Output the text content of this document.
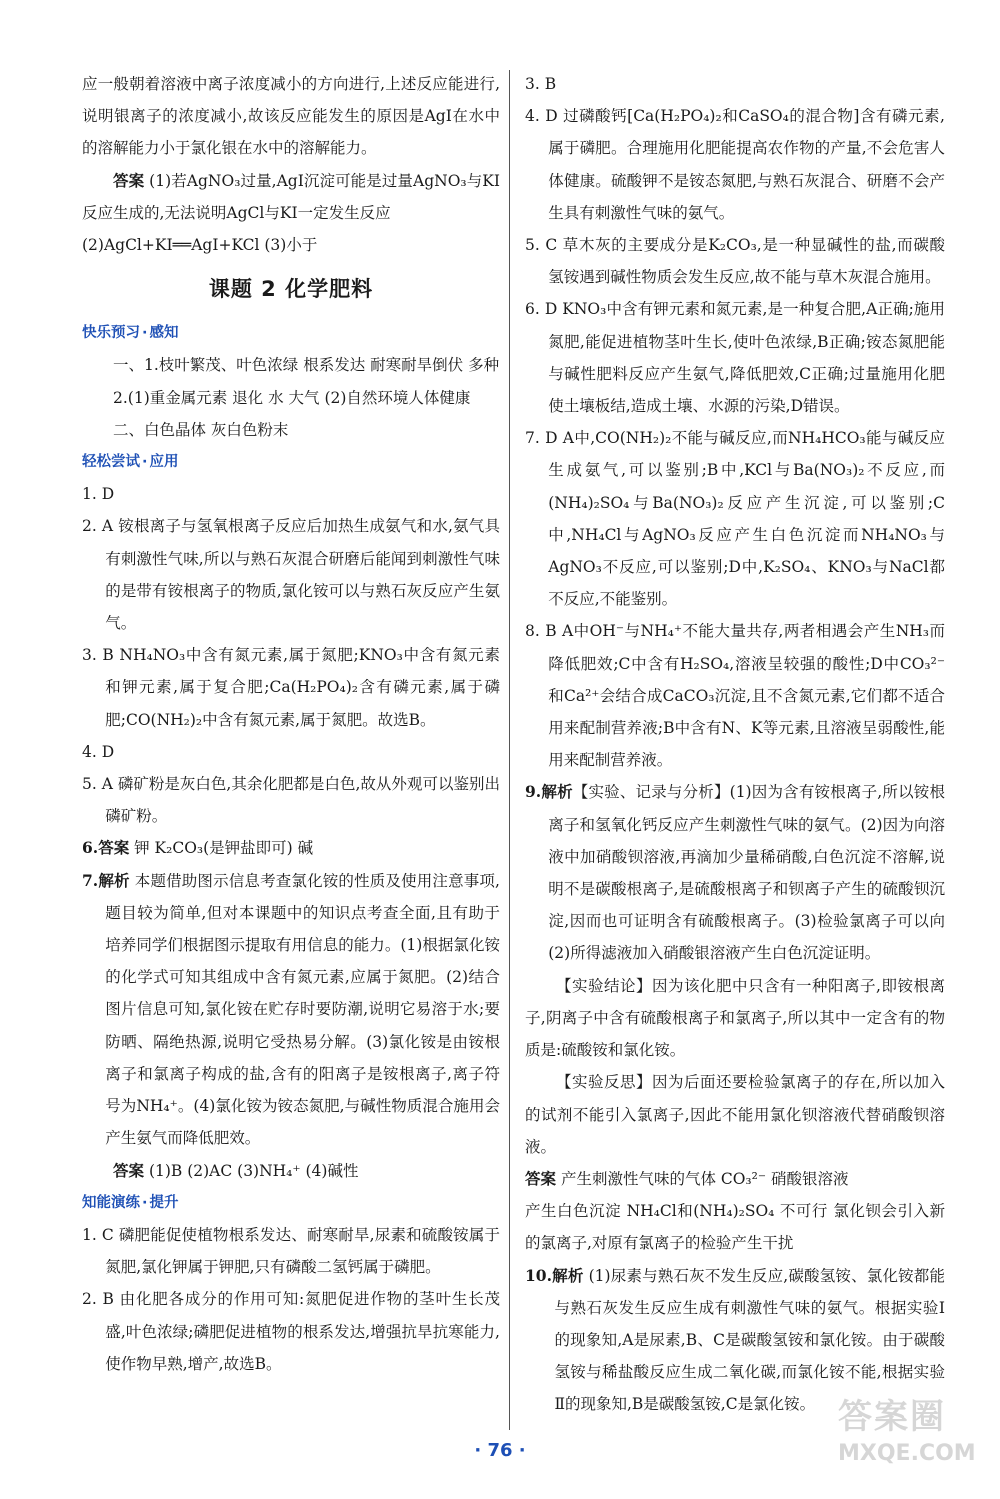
应一般朝着溶液中离子浓度减小的方向进行,上述反应能进行,说明银离子的浓度减小,故该反应能发生的原因是AgI在水中的溶解能力小于氯化银在水中的溶解能力。

答案 (1)若AgNO₃过量,AgI沉淀可能是过量AgNO₃与KI反应生成的,无法说明AgCl与KI一定发生反应

(2)AgCl+KI══AgI+KCl (3)小于

课题 2 化学肥料

快乐预习 · 感知

一、1.枝叶繁茂、叶色浓绿 根系发达 耐寒耐旱倒伏 多种

2.(1)重金属元素 退化 水 大气 (2)自然环境人体健康

二、白色晶体 灰白色粉末

轻松尝试 · 应用

1. D

2. A 铵根离子与氢氧根离子反应后加热生成氨气和水,氨气具有刺激性气味,所以与熟石灰混合研磨后能闻到刺激性气味的是带有铵根离子的物质,氯化铵可以与熟石灰反应产生氨气。

3. B NH₄NO₃中含有氮元素,属于氮肥;KNO₃中含有氮元素和钾元素,属于复合肥;Ca(H₂PO₄)₂含有磷元素,属于磷肥;CO(NH₂)₂中含有氮元素,属于氮肥。故选B。

4. D

5. A 磷矿粉是灰白色,其余化肥都是白色,故从外观可以鉴别出磷矿粉。

6.答案 钾 K₂CO₃(是钾盐即可) 碱

7.解析 本题借助图示信息考查氯化铵的性质及使用注意事项,题目较为简单,但对本课题中的知识点考查全面,且有助于培养同学们根据图示提取有用信息的能力。(1)根据氯化铵的化学式可知其组成中含有氮元素,应属于氮肥。(2)结合图片信息可知,氯化铵在贮存时要防潮,说明它易溶于水;要防晒、隔绝热源,说明它受热易分解。(3)氯化铵是由铵根离子和氯离子构成的盐,含有的阳离子是铵根离子,离子符号为NH₄⁺。(4)氯化铵为铵态氮肥,与碱性物质混合施用会产生氨气而降低肥效。

答案 (1)B (2)AC (3)NH₄⁺ (4)碱性

知能演练 · 提升

1. C 磷肥能促使植物根系发达、耐寒耐旱,尿素和硫酸铵属于氮肥,氯化钾属于钾肥,只有磷酸二氢钙属于磷肥。

2. B 由化肥各成分的作用可知:氮肥促进作物的茎叶生长茂盛,叶色浓绿;磷肥促进植物的根系发达,增强抗旱抗寒能力,使作物早熟,增产,故选B。

3. B

4. D 过磷酸钙[Ca(H₂PO₄)₂和CaSO₄的混合物]含有磷元素,属于磷肥。合理施用化肥能提高农作物的产量,不会危害人体健康。硫酸钾不是铵态氮肥,与熟石灰混合、研磨不会产生具有刺激性气味的氨气。

5. C 草木灰的主要成分是K₂CO₃,是一种显碱性的盐,而碳酸氢铵遇到碱性物质会发生反应,故不能与草木灰混合施用。

6. D KNO₃中含有钾元素和氮元素,是一种复合肥,A正确;施用氮肥,能促进植物茎叶生长,使叶色浓绿,B正确;铵态氮肥能与碱性肥料反应产生氨气,降低肥效,C正确;过量施用化肥使土壤板结,造成土壤、水源的污染,D错误。

7. D A中,CO(NH₂)₂不能与碱反应,而NH₄HCO₃能与碱反应生成氨气,可以鉴别;B中,KCl与Ba(NO₃)₂不反应,而(NH₄)₂SO₄与Ba(NO₃)₂反应产生沉淀,可以鉴别;C中,NH₄Cl与AgNO₃反应产生白色沉淀而NH₄NO₃与AgNO₃不反应,可以鉴别;D中,K₂SO₄、KNO₃与NaCl都不反应,不能鉴别。

8. B A中OH⁻与NH₄⁺不能大量共存,两者相遇会产生NH₃而降低肥效;C中含有H₂SO₄,溶液呈较强的酸性;D中CO₃²⁻和Ca²⁺会结合成CaCO₃沉淀,且不含氮元素,它们都不适合用来配制营养液;B中含有N、K等元素,且溶液呈弱酸性,能用来配制营养液。

9.解析【实验、记录与分析】(1)因为含有铵根离子,所以铵根离子和氢氧化钙反应产生刺激性气味的氨气。(2)因为向溶液中加硝酸钡溶液,再滴加少量稀硝酸,白色沉淀不溶解,说明不是碳酸根离子,是硫酸根离子和钡离子产生的硫酸钡沉淀,因而也可证明含有硫酸根离子。(3)检验氯离子可以向(2)所得滤液加入硝酸银溶液产生白色沉淀证明。

【实验结论】因为该化肥中只含有一种阳离子,即铵根离子,阴离子中含有硫酸根离子和氯离子,所以其中一定含有的物质是:硫酸铵和氯化铵。

【实验反思】因为后面还要检验氯离子的存在,所以加入的试剂不能引入氯离子,因此不能用氯化钡溶液代替硝酸钡溶液。

答案 产生刺激性气味的气体 CO₃²⁻ 硝酸银溶液

产生白色沉淀 NH₄Cl和(NH₄)₂SO₄ 不可行 氯化钡会引入新的氯离子,对原有氯离子的检验产生干扰

10.解析 (1)尿素与熟石灰不发生反应,碳酸氢铵、氯化铵都能与熟石灰发生反应生成有刺激性气味的氨气。根据实验Ⅰ的现象知,A是尿素,B、C是碳酸氢铵和氯化铵。由于碳酸氢铵与稀盐酸反应生成二氧化碳,而氯化铵不能,根据实验Ⅱ的现象知,B是碳酸氢铵,C是氯化铵。

· 76 ·
答案圈
MXQE.COM
